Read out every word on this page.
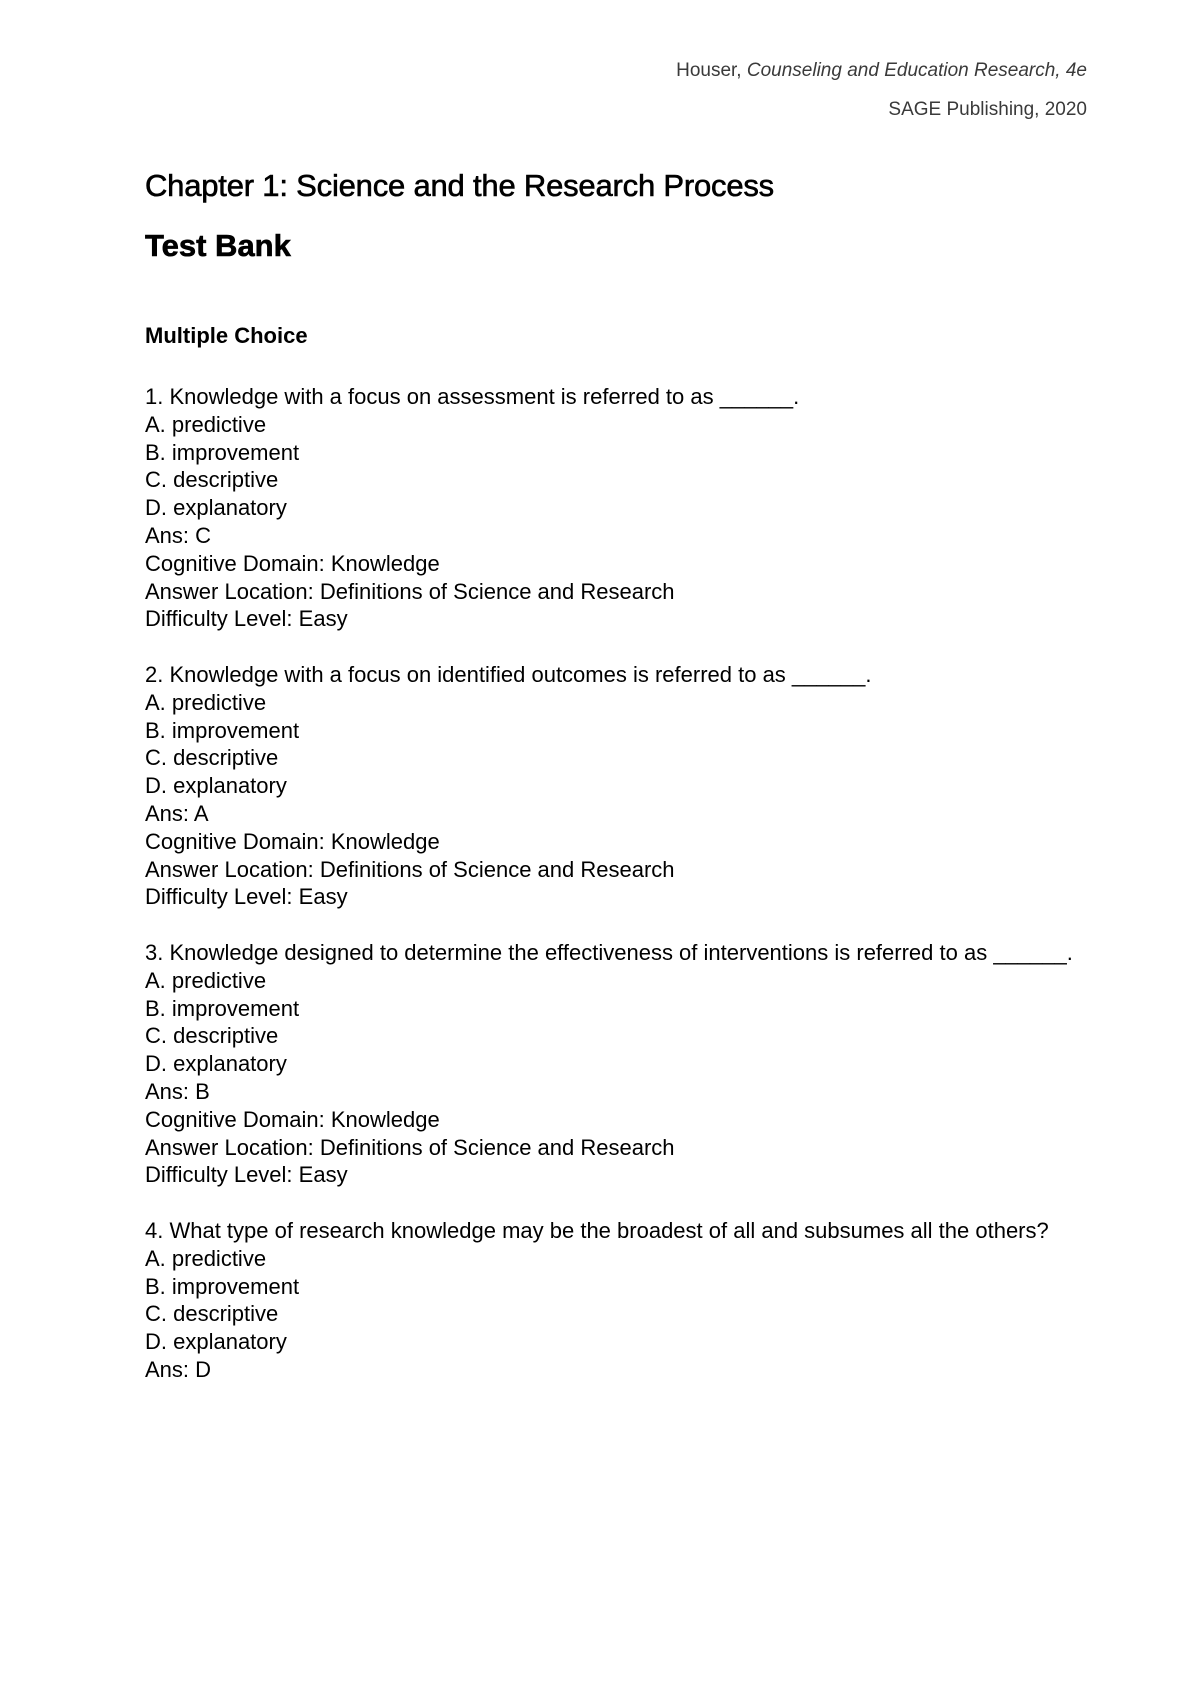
Houser, Counseling and Education Research, 4e
SAGE Publishing, 2020
Chapter 1: Science and the Research Process
Test Bank
Multiple Choice
1. Knowledge with a focus on assessment is referred to as ______.
A. predictive
B. improvement
C. descriptive
D. explanatory
Ans: C
Cognitive Domain: Knowledge
Answer Location: Definitions of Science and Research
Difficulty Level: Easy
2. Knowledge with a focus on identified outcomes is referred to as ______.
A. predictive
B. improvement
C. descriptive
D. explanatory
Ans: A
Cognitive Domain: Knowledge
Answer Location: Definitions of Science and Research
Difficulty Level: Easy
3. Knowledge designed to determine the effectiveness of interventions is referred to as ______.
A. predictive
B. improvement
C. descriptive
D. explanatory
Ans: B
Cognitive Domain: Knowledge
Answer Location: Definitions of Science and Research
Difficulty Level: Easy
4. What type of research knowledge may be the broadest of all and subsumes all the others?
A. predictive
B. improvement
C. descriptive
D. explanatory
Ans: D
